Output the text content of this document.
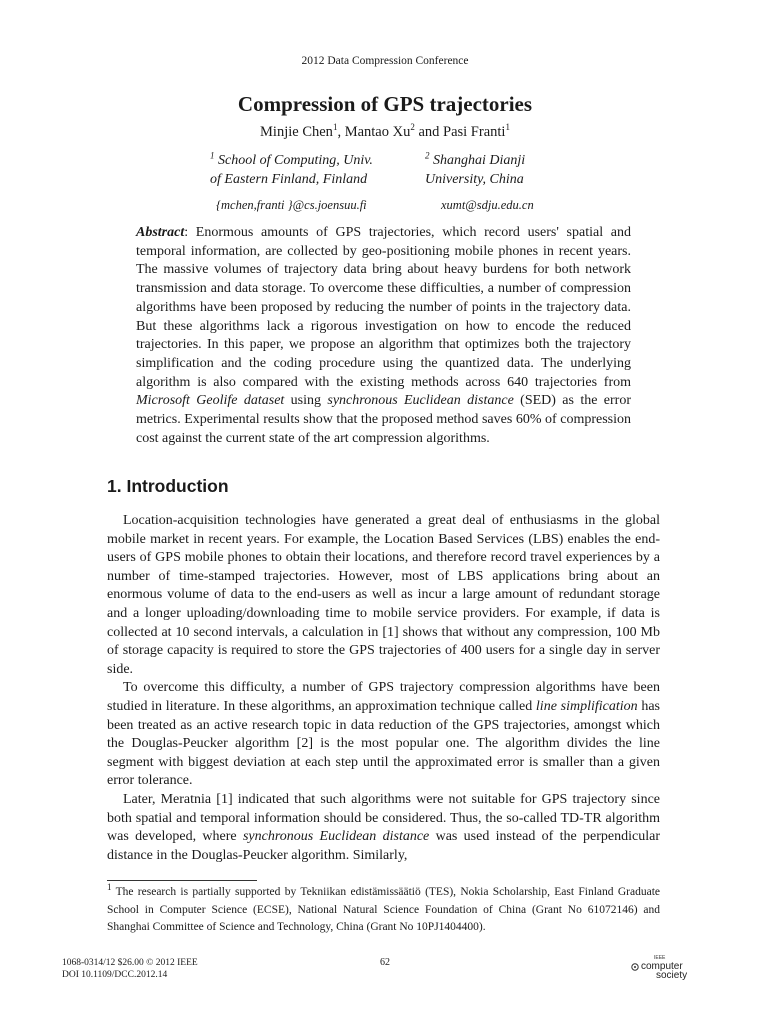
2012 Data Compression Conference
Compression of GPS trajectories
Minjie Chen$^1$, Mantao Xu$^2$ and Pasi Franti$^1$
$^1$ School of Computing, Univ.
of Eastern Finland, Finland
$^2$ Shanghai Dianji
University, China
{mchen,franti }@cs.joensuu.fi	xumt@sdju.edu.cn
Abstract: Enormous amounts of GPS trajectories, which record users' spatial and temporal information, are collected by geo-positioning mobile phones in recent years. The massive volumes of trajectory data bring about heavy burdens for both network transmission and data storage. To overcome these difficulties, a number of compression algorithms have been proposed by reducing the number of points in the trajectory data. But these algorithms lack a rigorous investigation on how to encode the reduced trajectories. In this paper, we propose an algorithm that optimizes both the trajectory simplification and the coding procedure using the quantized data. The underlying algorithm is also compared with the existing methods across 640 trajectories from Microsoft Geolife dataset using synchronous Euclidean distance (SED) as the error metrics. Experimental results show that the proposed method saves 60% of compression cost against the current state of the art compression algorithms.
1. Introduction

Location-acquisition technologies have generated a great deal of enthusiasms in the global mobile market in recent years. For example, the Location Based Services (LBS) enables the end-users of GPS mobile phones to obtain their locations, and therefore record travel experiences by a number of time-stamped trajectories. However, most of LBS applications bring about an enormous volume of data to the end-users as well as incur a large amount of redundant storage and a longer uploading/downloading time to mobile service providers. For example, if data is collected at 10 second intervals, a calculation in [1] shows that without any compression, 100 Mb of storage capacity is required to store the GPS trajectories of 400 users for a single day in server side.

To overcome this difficulty, a number of GPS trajectory compression algorithms have been studied in literature. In these algorithms, an approximation technique called line simplification has been treated as an active research topic in data reduction of the GPS trajectories, amongst which the Douglas-Peucker algorithm [2] is the most popular one. The algorithm divides the line segment with biggest deviation at each step until the approximated error is smaller than a given error tolerance.

Later, Meratnia [1] indicated that such algorithms were not suitable for GPS trajectory since both spatial and temporal information should be considered. Thus, the so-called TD-TR algorithm was developed, where synchronous Euclidean distance was used instead of the perpendicular distance in the Douglas-Peucker algorithm. Similarly,

$^1$ The research is partially supported by Tekniikan edistämissäätiö (TES), Nokia Scholarship, East Finland Graduate School in Computer Science (ECSE), National Natural Science Foundation of China (Grant No 61072146) and Shanghai Committee of Science and Technology, China (Grant No 10PJ1404400).
1068-0314/12 $26.00 © 2012 IEEE
DOI 10.1109/DCC.2012.14
62	IEEE
computer
society
